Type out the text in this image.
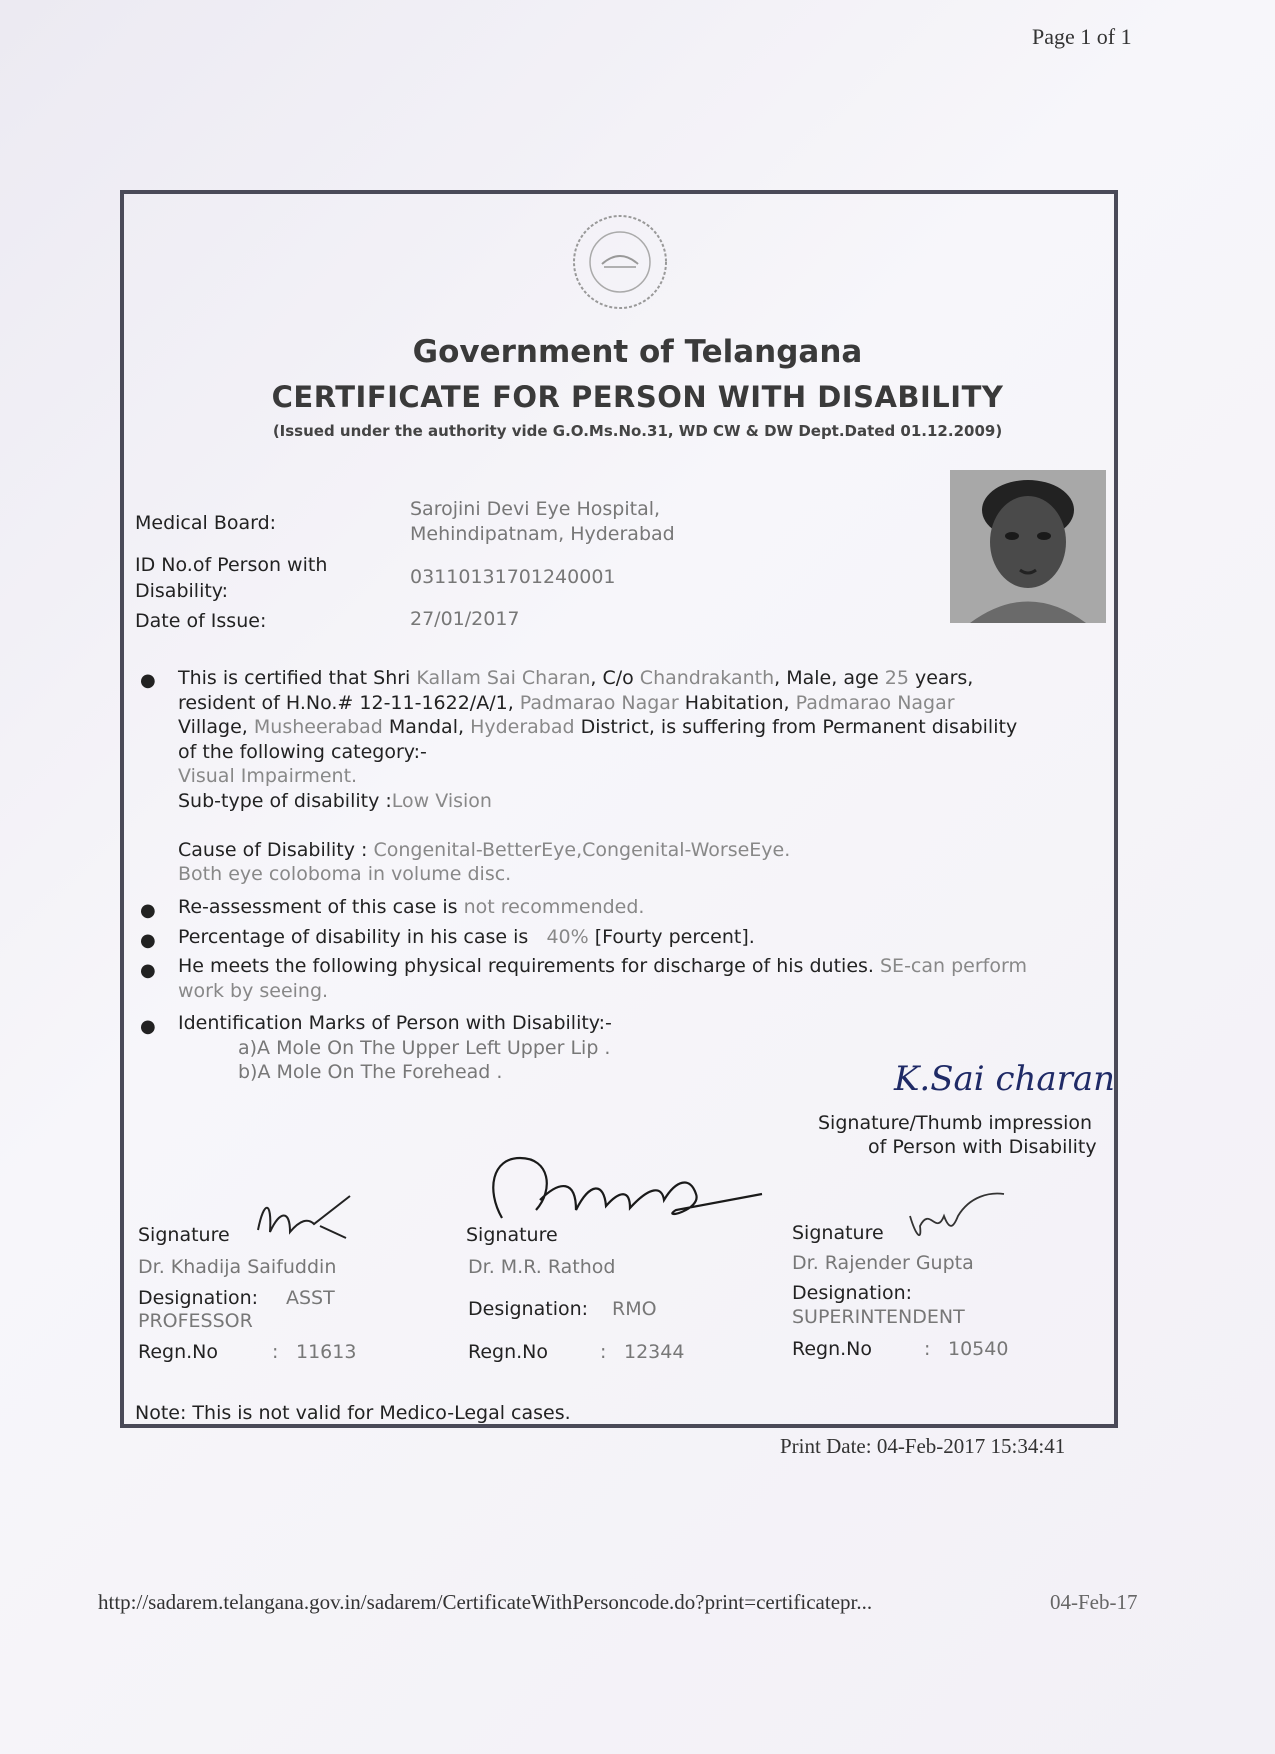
Page 1 of 1
Government of Telangana
CERTIFICATE FOR PERSON WITH DISABILITY
(Issued under the authority vide G.O.Ms.No.31, WD CW & DW Dept.Dated 01.12.2009)
Medical Board:
Sarojini Devi Eye Hospital,
Mehindipatnam, Hyderabad
ID No.of Person with
Disability:
03110131701240001
Date of Issue:	27/01/2017
● This is certified that Shri Kallam Sai Charan, C/o Chandrakanth, Male, age 25 years,
resident of H.No.# 12-11-1622/A/1, Padmarao Nagar Habitation, Padmarao Nagar
Village, Musheerabad Mandal, Hyderabad District, is suffering from Permanent disability
of the following category:-
Visual Impairment.
Sub-type of disability :Low Vision

Cause of Disability : Congenital-BetterEye,Congenital-WorseEye.
Both eye coloboma in volume disc.
● Re-assessment of this case is not recommended.
● Percentage of disability in his case is   40% [Fourty percent].
● He meets the following physical requirements for discharge of his duties. SE-can perform
work by seeing.
● Identification Marks of Person with Disability:-
a)A Mole On The Upper Left Upper Lip .
b)A Mole On The Forehead .	K.Sai charan
Signature/Thumb impression
of Person with Disability
Signature
Dr. Khadija Saifuddin
Designation: ASST
PROFESSOR
Regn.No	: 11613
Signature
Dr. M.R. Rathod
Designation: RMO
Regn.No	: 12344
Signature
Dr. Rajender Gupta
Designation:
SUPERINTENDENT
Regn.No	: 10540
Note: This is not valid for Medico-Legal cases.
Print Date: 04-Feb-2017 15:34:41
http://sadarem.telangana.gov.in/sadarem/CertificateWithPersoncode.do?print=certificatepr...	04-Feb-17
